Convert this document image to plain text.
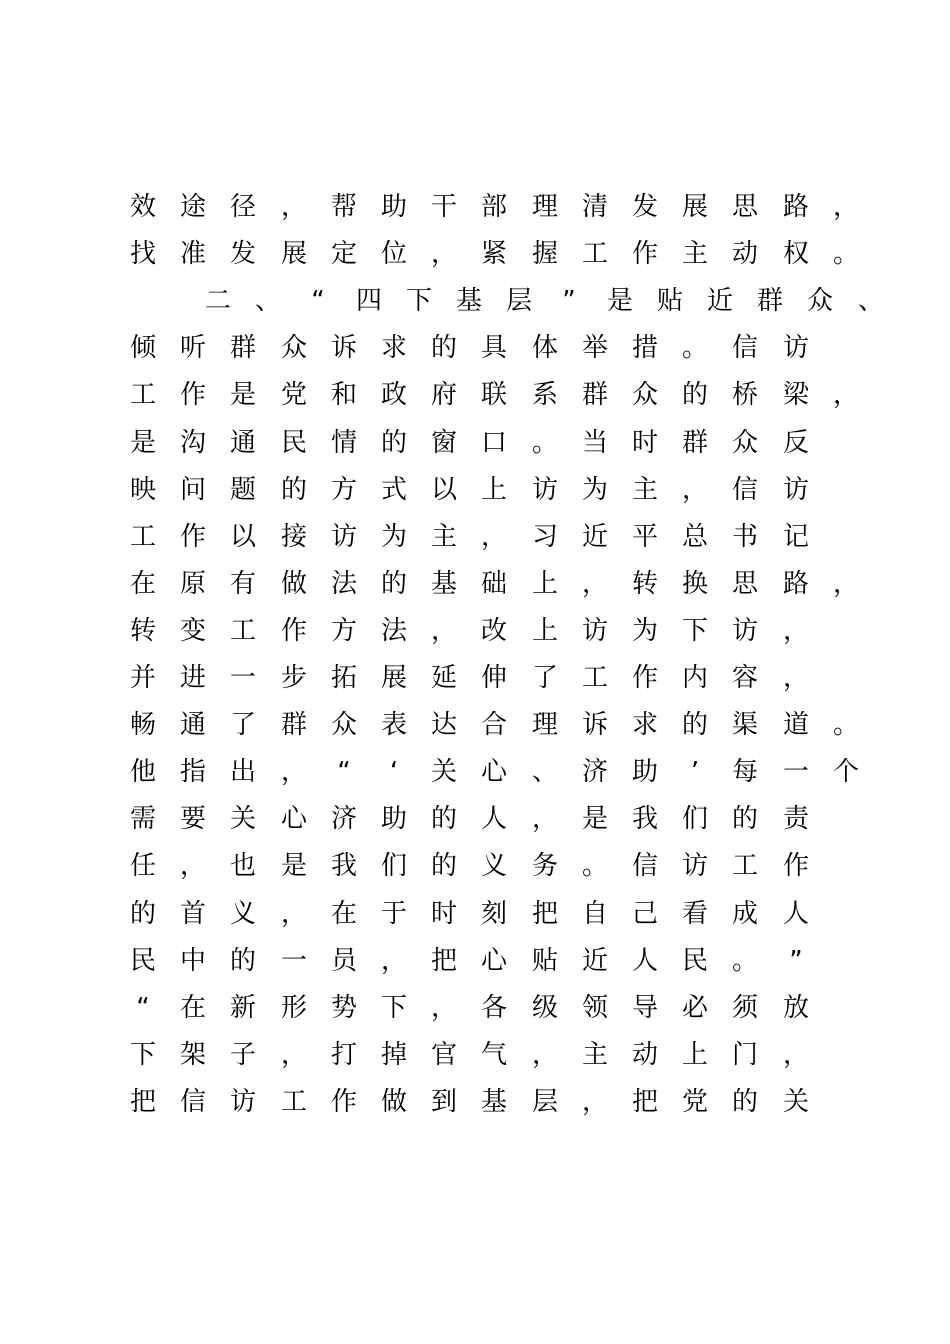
效 途 径 ， 帮 助 干 部 理 清 发 展 思 路 ，
找 准 发 展 定 位 ， 紧 握 工 作 主 动 权 。
二 、	“	四 下 基 层	”	是 贴 近 群 众 、
倾 听 群 众 诉 求 的 具 体 举 措 。 信 访
工 作 是 党 和 政 府 联 系 群 众 的 桥 梁 ，
是 沟 通 民 情 的 窗 口 。 当 时 群 众 反
映 问 题 的 方 式 以 上 访 为 主 ， 信 访
工 作 以 接 访 为 主 ， 习 近 平 总 书 记
在 原 有 做 法 的 基 础 上 ， 转 换 思 路 ，
转 变 工 作 方 法 ， 改 上 访 为 下 访 ，
并 进 一 步 拓 展 延 伸 了 工 作 内 容 ，
畅 通 了 群 众 表 达 合 理 诉 求 的 渠 道 。
他 指 出 ，	“	‘	关 心 、 济 助	’	每 一 个
需 要 关 心 济 助 的 人 ， 是 我 们 的 责
任 ， 也 是 我 们 的 义 务 。 信 访 工 作
的 首 义 ， 在 于 时 刻 把 自 己 看 成 人
民 中 的 一 员 ， 把 心 贴 近 人 民 。	”
“	在 新 形 势 下 ， 各 级 领 导 必 须 放
下 架 子 ， 打 掉 官 气 ， 主 动 上 门 ，
把 信 访 工 作 做 到 基 层 ， 把 党 的 关
